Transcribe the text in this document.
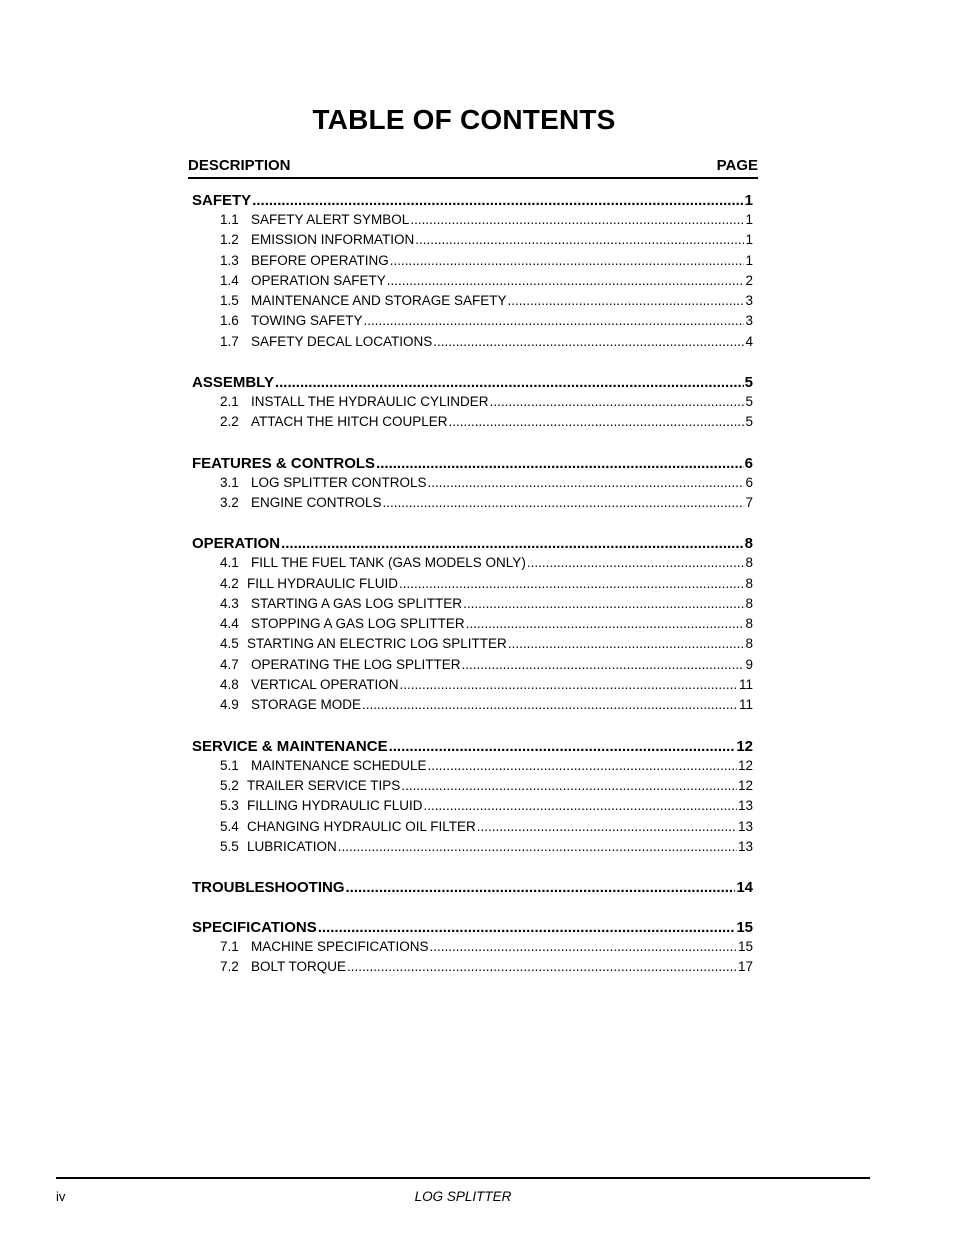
TABLE OF CONTENTS
DESCRIPTION	PAGE
SAFETY .....	1
1.1 SAFETY ALERT SYMBOL .....	1
1.2 EMISSION INFORMATION .....	1
1.3 BEFORE OPERATING .....	1
1.4 OPERATION SAFETY .....	2
1.5 MAINTENANCE AND STORAGE SAFETY .....	3
1.6 TOWING SAFETY .....	3
1.7 SAFETY DECAL LOCATIONS .....	4
ASSEMBLY .....	5
2.1 INSTALL THE HYDRAULIC CYLINDER .....	5
2.2 ATTACH THE HITCH COUPLER .....	5
FEATURES & CONTROLS .....	6
3.1 LOG SPLITTER CONTROLS .....	6
3.2 ENGINE CONTROLS .....	7
OPERATION .....	8
4.1 FILL THE FUEL TANK (GAS MODELS ONLY) .....	8
4.2 FILL HYDRAULIC FLUID .....	8
4.3 STARTING A GAS LOG SPLITTER .....	8
4.4 STOPPING A GAS LOG SPLITTER .....	8
4.5 STARTING AN ELECTRIC LOG SPLITTER .....	8
4.7 OPERATING THE LOG SPLITTER .....	9
4.8 VERTICAL OPERATION .....	11
4.9 STORAGE MODE .....	11
SERVICE & MAINTENANCE .....	12
5.1 MAINTENANCE SCHEDULE .....	12
5.2 TRAILER SERVICE TIPS .....	12
5.3 FILLING HYDRAULIC FLUID .....	13
5.4 CHANGING HYDRAULIC OIL FILTER .....	13
5.5 LUBRICATION .....	13
TROUBLESHOOTING .....	14
SPECIFICATIONS .....	15
7.1 MACHINE SPECIFICATIONS .....	15
7.2 BOLT TORQUE .....	17
iv	LOG SPLITTER
